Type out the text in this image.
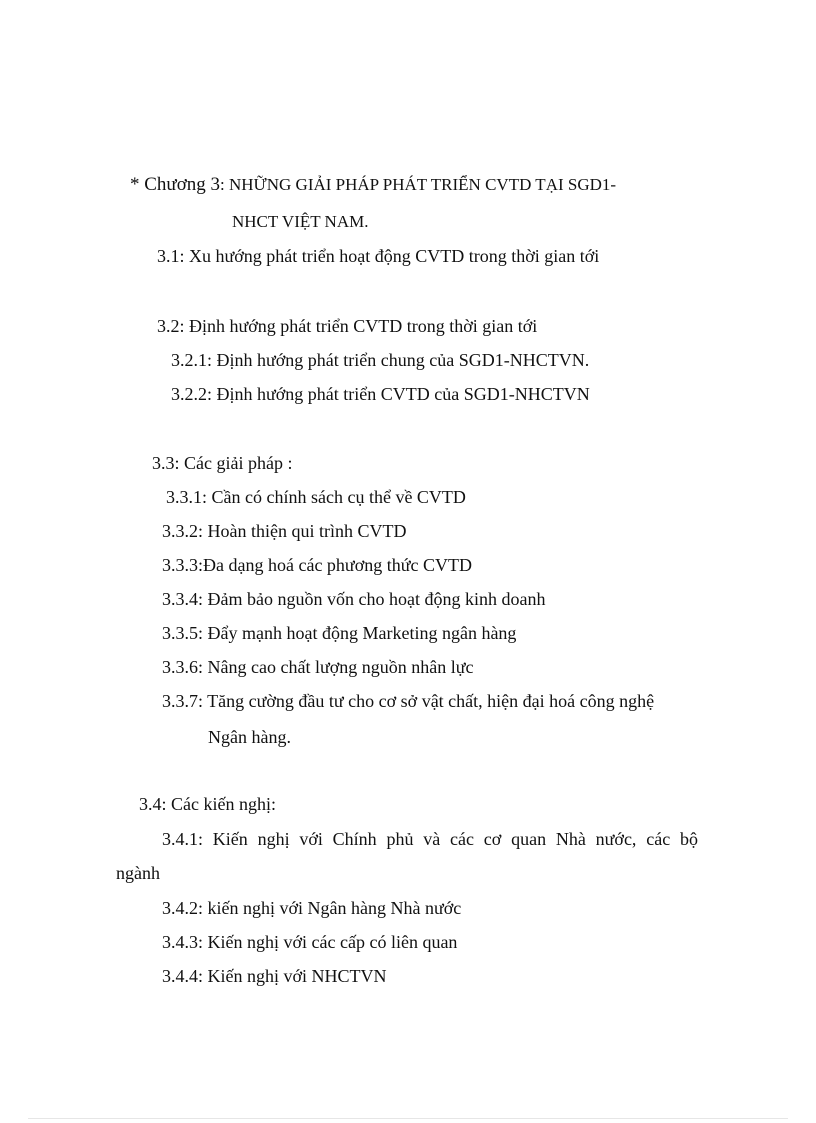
* Chương 3: NHỮNG GIẢI PHÁP PHÁT TRIỂN CVTD TẠI SGD1-
NHCT VIỆT NAM.
3.1: Xu hướng phát triển hoạt động CVTD trong thời gian tới
3.2: Định hướng phát triển CVTD trong thời gian tới
3.2.1: Định hướng phát triển chung của SGD1-NHCTVN.
3.2.2: Định hướng phát triển CVTD của SGD1-NHCTVN
3.3: Các giải pháp :
3.3.1: Cần có chính sách cụ thể về CVTD
3.3.2: Hoàn thiện qui trình CVTD
3.3.3:Đa dạng hoá các phương thức CVTD
3.3.4: Đảm bảo nguồn vốn cho hoạt động kinh doanh
3.3.5: Đẩy mạnh hoạt động Marketing ngân hàng
3.3.6: Nâng cao chất lượng nguồn nhân lực
3.3.7: Tăng cường đầu tư cho cơ sở vật chất, hiện đại hoá công nghệ
Ngân hàng.
3.4: Các kiến nghị:
3.4.1: Kiến nghị với Chính phủ và các cơ quan Nhà nước, các bộ
ngành
3.4.2: kiến nghị với Ngân hàng Nhà nước
3.4.3: Kiến nghị với các cấp có liên quan
3.4.4: Kiến nghị với NHCTVN
